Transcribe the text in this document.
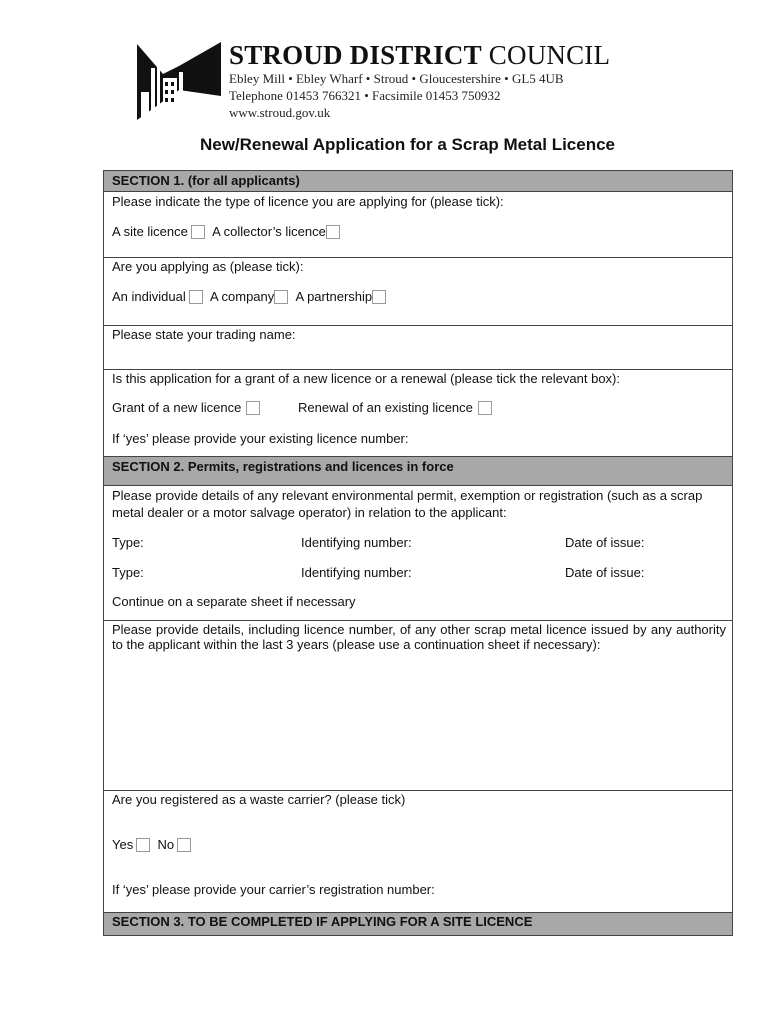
STROUD DISTRICT COUNCIL
Ebley Mill • Ebley Wharf • Stroud • Gloucestershire • GL5 4UB
Telephone 01453 766321 • Facsimile 01453 750932
www.stroud.gov.uk
New/Renewal Application for a Scrap Metal Licence
SECTION 1. (for all applicants)
Please indicate the type of licence you are applying for (please tick):
A site licence A collector’s licence
Are you applying as (please tick):
An individual A company A partnership
Please state your trading name:
Is this application for a grant of a new licence or a renewal (please tick the relevant box):
Grant of a new licence	Renewal of an existing licence
If ‘yes’ please provide your existing licence number:
SECTION 2. Permits, registrations and licences in force
Please provide details of any relevant environmental permit, exemption or registration (such as a scrap metal dealer or a motor salvage operator) in relation to the applicant:
Type:	Identifying number:	Date of issue:
Type:	Identifying number:	Date of issue:
Continue on a separate sheet if necessary
Please provide details, including licence number, of any other scrap metal licence issued by any authority to the applicant within the last 3 years (please use a continuation sheet if necessary):
Are you registered as a waste carrier? (please tick)
Yes No
If ‘yes’ please provide your carrier’s registration number:
SECTION 3. TO BE COMPLETED IF APPLYING FOR A SITE LICENCE
